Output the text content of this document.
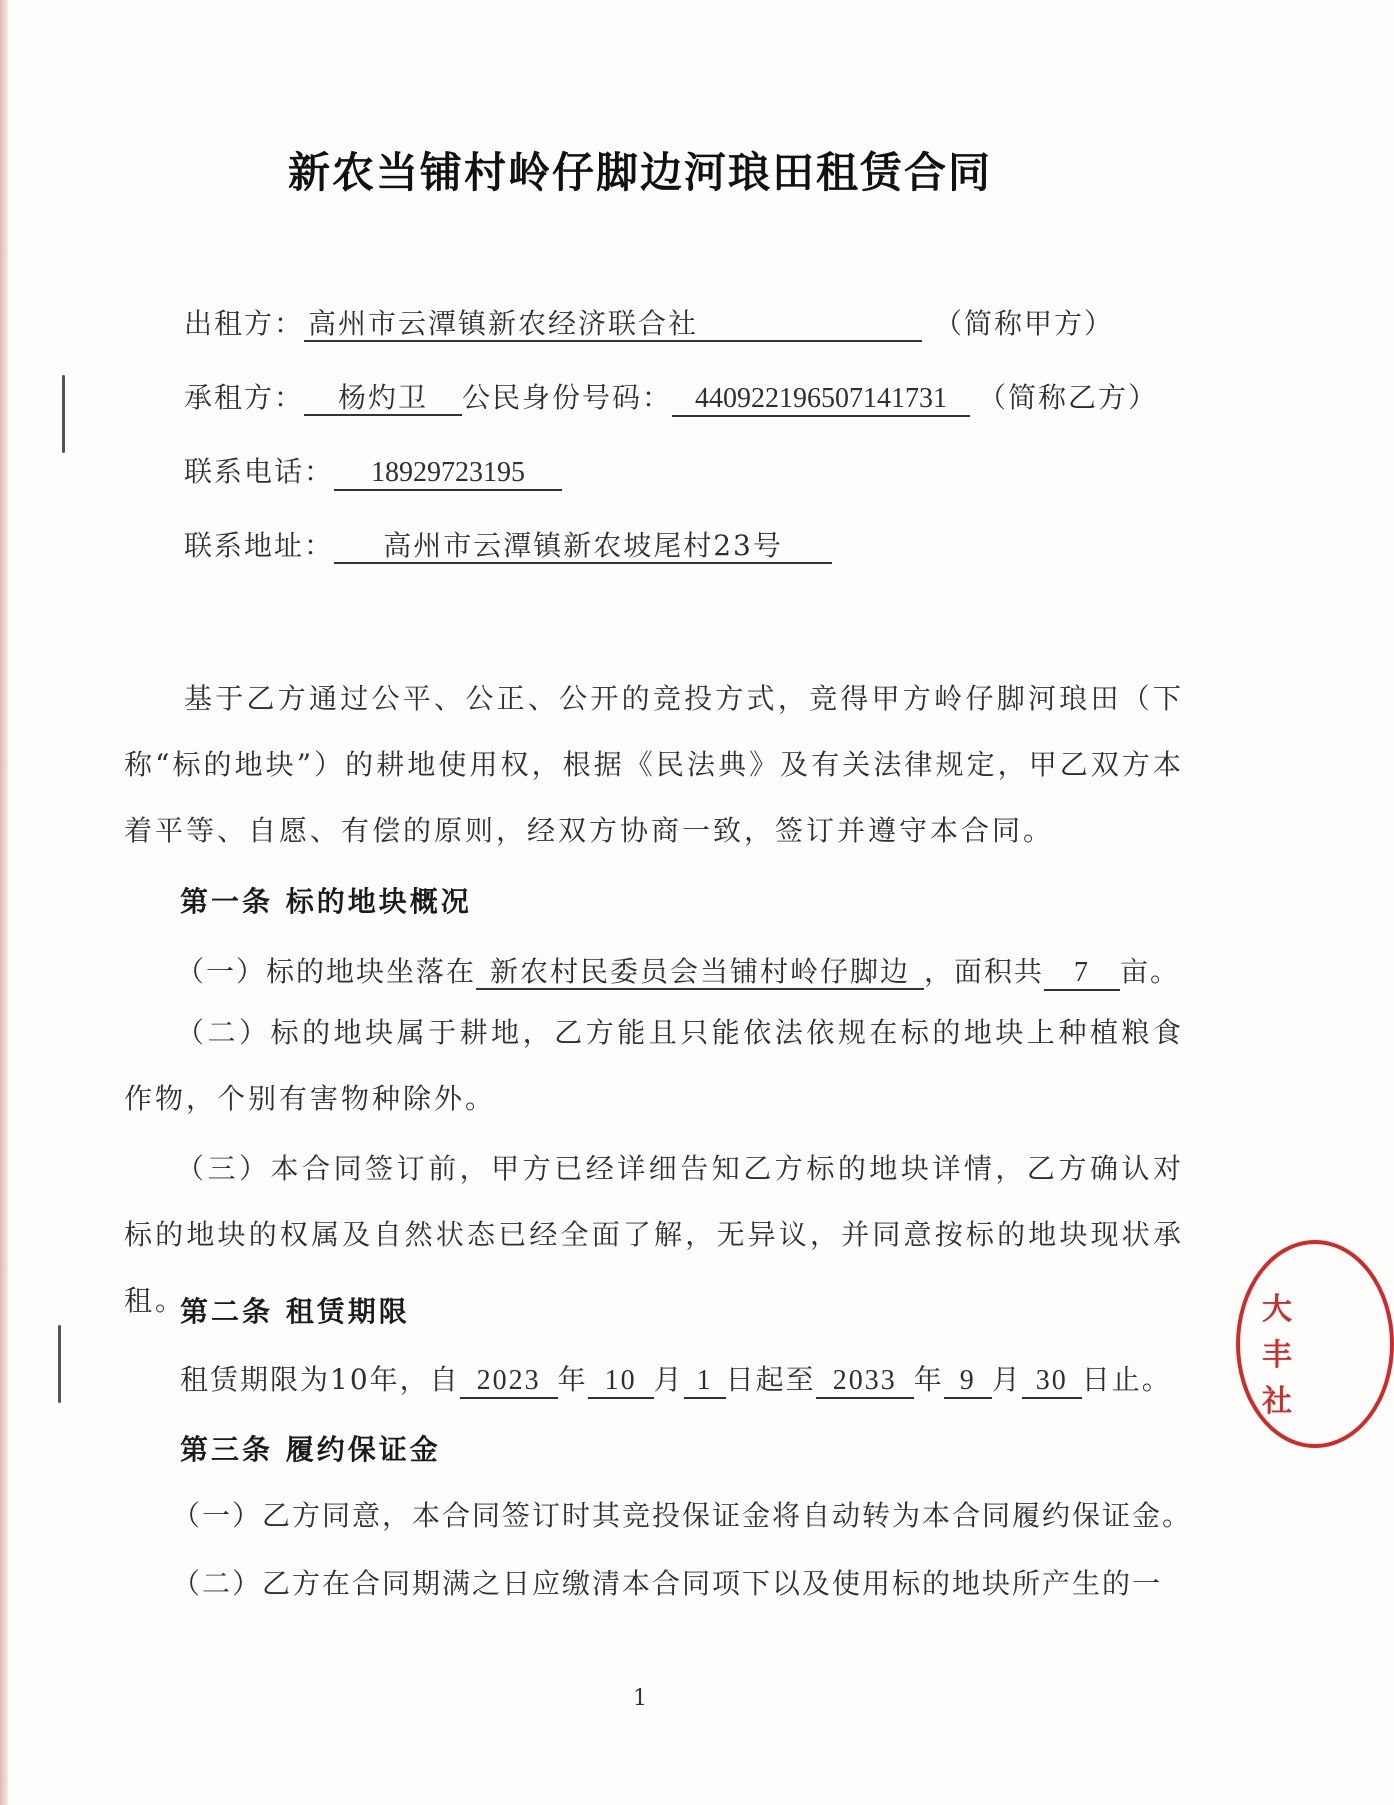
新农当铺村岭仔脚边河琅田租赁合同
出租方： 高州市云潭镇新农经济联合社	（简称甲方）
承租方： 杨灼卫 公民身份号码： 440922196507141731 （简称乙方）
联系电话： 18929723195
联系地址： 高州市云潭镇新农坡尾村23号
基于乙方通过公平、公正、公开的竞投方式，竞得甲方岭仔脚河琅田（下称“标的地块”）的耕地使用权，根据《民法典》及有关法律规定，甲乙双方本着平等、自愿、有偿的原则，经双方协商一致，签订并遵守本合同。
第一条 标的地块概况
（一）标的地块坐落在 新农村民委员会当铺村岭仔脚边 ，面积共 7 亩。
（二）标的地块属于耕地，乙方能且只能依法依规在标的地块上种植粮食作物，个别有害物种除外。
（三）本合同签订前，甲方已经详细告知乙方标的地块详情，乙方确认对标的地块的权属及自然状态已经全面了解，无异议，并同意按标的地块现状承租。
第二条 租赁期限
租赁期限为10年，自 2023 年 10 月 1 日起至 2033 年 9 月 30 日止。
第三条 履约保证金
（一）乙方同意，本合同签订时其竞投保证金将自动转为本合同履约保证金。
（二）乙方在合同期满之日应缴清本合同项下以及使用标的地块所产生的一
1
大
丰
社
